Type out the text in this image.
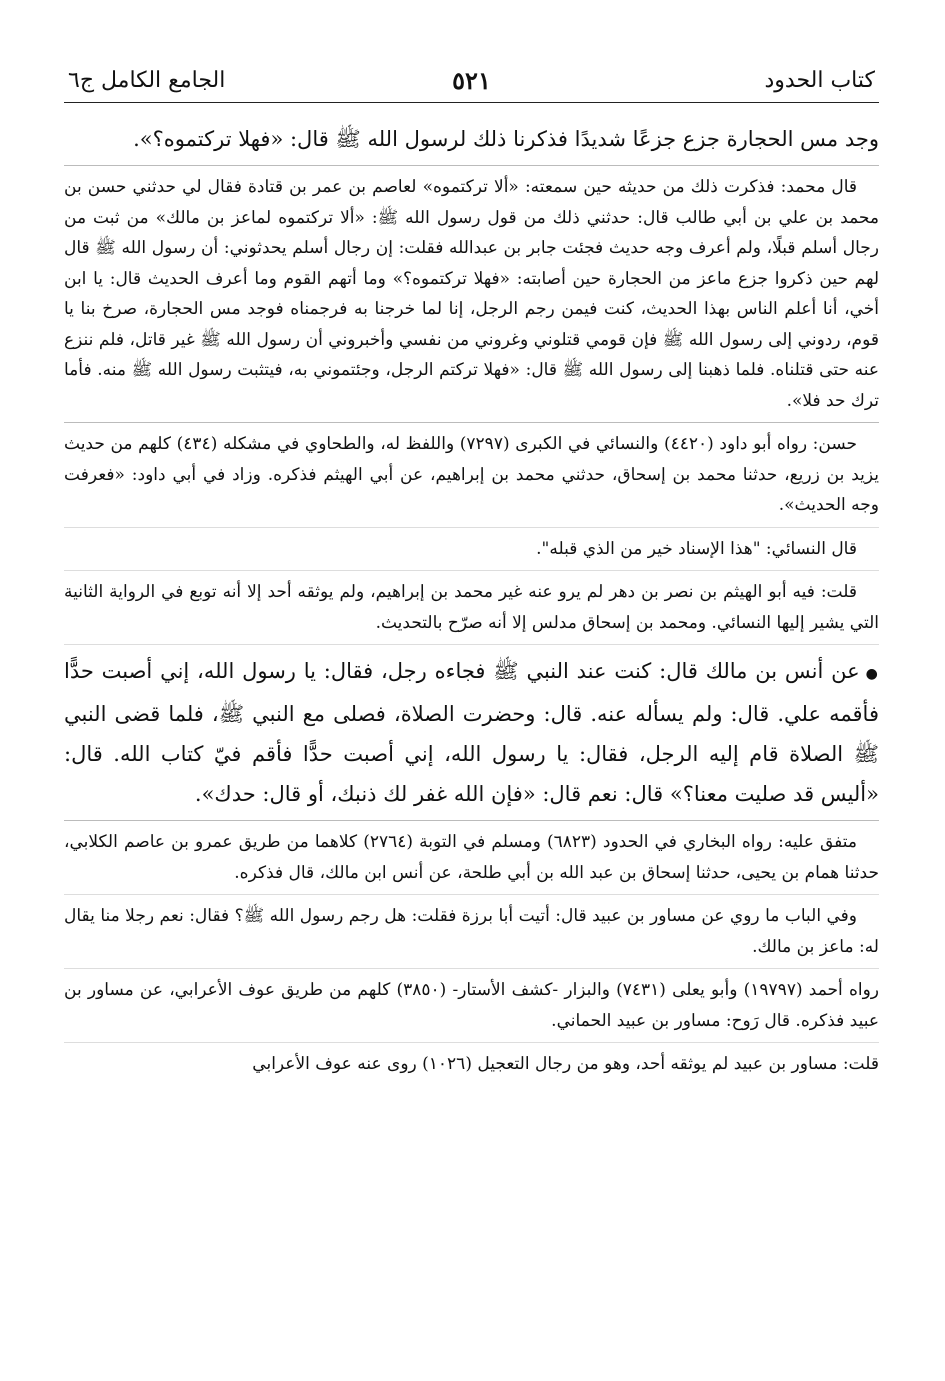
كتاب الحدود
٥٢١
الجامع الكامل ج٦

وجد مس الحجارة جزع جزعًا شديدًا فذكرنا ذلك لرسول الله ﷺ قال: «فهلا تركتموه؟».

قال محمد: فذكرت ذلك من حديثه حين سمعته: «ألا تركتموه» لعاصم بن عمر بن قتادة فقال لي حدثني حسن بن محمد بن علي بن أبي طالب قال: حدثني ذلك من قول رسول الله ﷺ: «ألا تركتموه لماعز بن مالك» من ثبت من رجال أسلم قبلًا، ولم أعرف وجه حديث فجئت جابر بن عبدالله فقلت: إن رجال أسلم يحدثوني: أن رسول الله ﷺ قال لهم حين ذكروا جزع ماعز من الحجارة حين أصابته: «فهلا تركتموه؟» وما أتهم القوم وما أعرف الحديث قال: يا ابن أخي، أنا أعلم الناس بهذا الحديث، كنت فيمن رجم الرجل، إنا لما خرجنا به فرجمناه فوجد مس الحجارة، صرخ بنا يا قوم، ردوني إلى رسول الله ﷺ فإن قومي قتلوني وغروني من نفسي وأخبروني أن رسول الله ﷺ غير قاتل، فلم ننزع عنه حتى قتلناه. فلما ذهبنا إلى رسول الله ﷺ قال: «فهلا تركتم الرجل، وجئتموني به، فيتثبت رسول الله ﷺ منه. فأما ترك حد فلا».

حسن: رواه أبو داود (٤٤٢٠) والنسائي في الكبرى (٧٢٩٧) واللفظ له، والطحاوي في مشكله (٤٣٤) كلهم من حديث يزيد بن زريع، حدثنا محمد بن إسحاق، حدثني محمد بن إبراهيم، عن أبي الهيثم فذكره. وزاد في أبي داود: «فعرفت وجه الحديث».

قال النسائي: "هذا الإسناد خير من الذي قبله".

قلت: فيه أبو الهيثم بن نصر بن دهر لم يرو عنه غير محمد بن إبراهيم، ولم يوثقه أحد إلا أنه توبع في الرواية الثانية التي يشير إليها النسائي. ومحمد بن إسحاق مدلس إلا أنه صرّح بالتحديث.

●عن أنس بن مالك قال: كنت عند النبي ﷺ فجاءه رجل، فقال: يا رسول الله، إني أصبت حدًّا فأقمه علي. قال: ولم يسأله عنه. قال: وحضرت الصلاة، فصلى مع النبي ﷺ، فلما قضى النبي ﷺ الصلاة قام إليه الرجل، فقال: يا رسول الله، إني أصبت حدًّا فأقم فيّ كتاب الله. قال: «أليس قد صليت معنا؟» قال: نعم قال: «فإن الله غفر لك ذنبك، أو قال: حدك».

متفق عليه: رواه البخاري في الحدود (٦٨٢٣) ومسلم في التوبة (٢٧٦٤) كلاهما من طريق عمرو بن عاصم الكلابي، حدثنا همام بن يحيى، حدثنا إسحاق بن عبد الله بن أبي طلحة، عن أنس ابن مالك، قال فذكره.

وفي الباب ما روي عن مساور بن عبيد قال: أتيت أبا برزة فقلت: هل رجم رسول الله ﷺ؟ فقال: نعم رجلا منا يقال له: ماعز بن مالك.

رواه أحمد (١٩٧٩٧) وأبو يعلى (٧٤٣١) والبزار -كشف الأستار- (٣٨٥٠) كلهم من طريق عوف الأعرابي، عن مساور بن عبيد فذكره. قال رَوح: مساور بن عبيد الحماني.

قلت: مساور بن عبيد لم يوثقه أحد، وهو من رجال التعجيل (١٠٢٦) روى عنه عوف الأعرابي
